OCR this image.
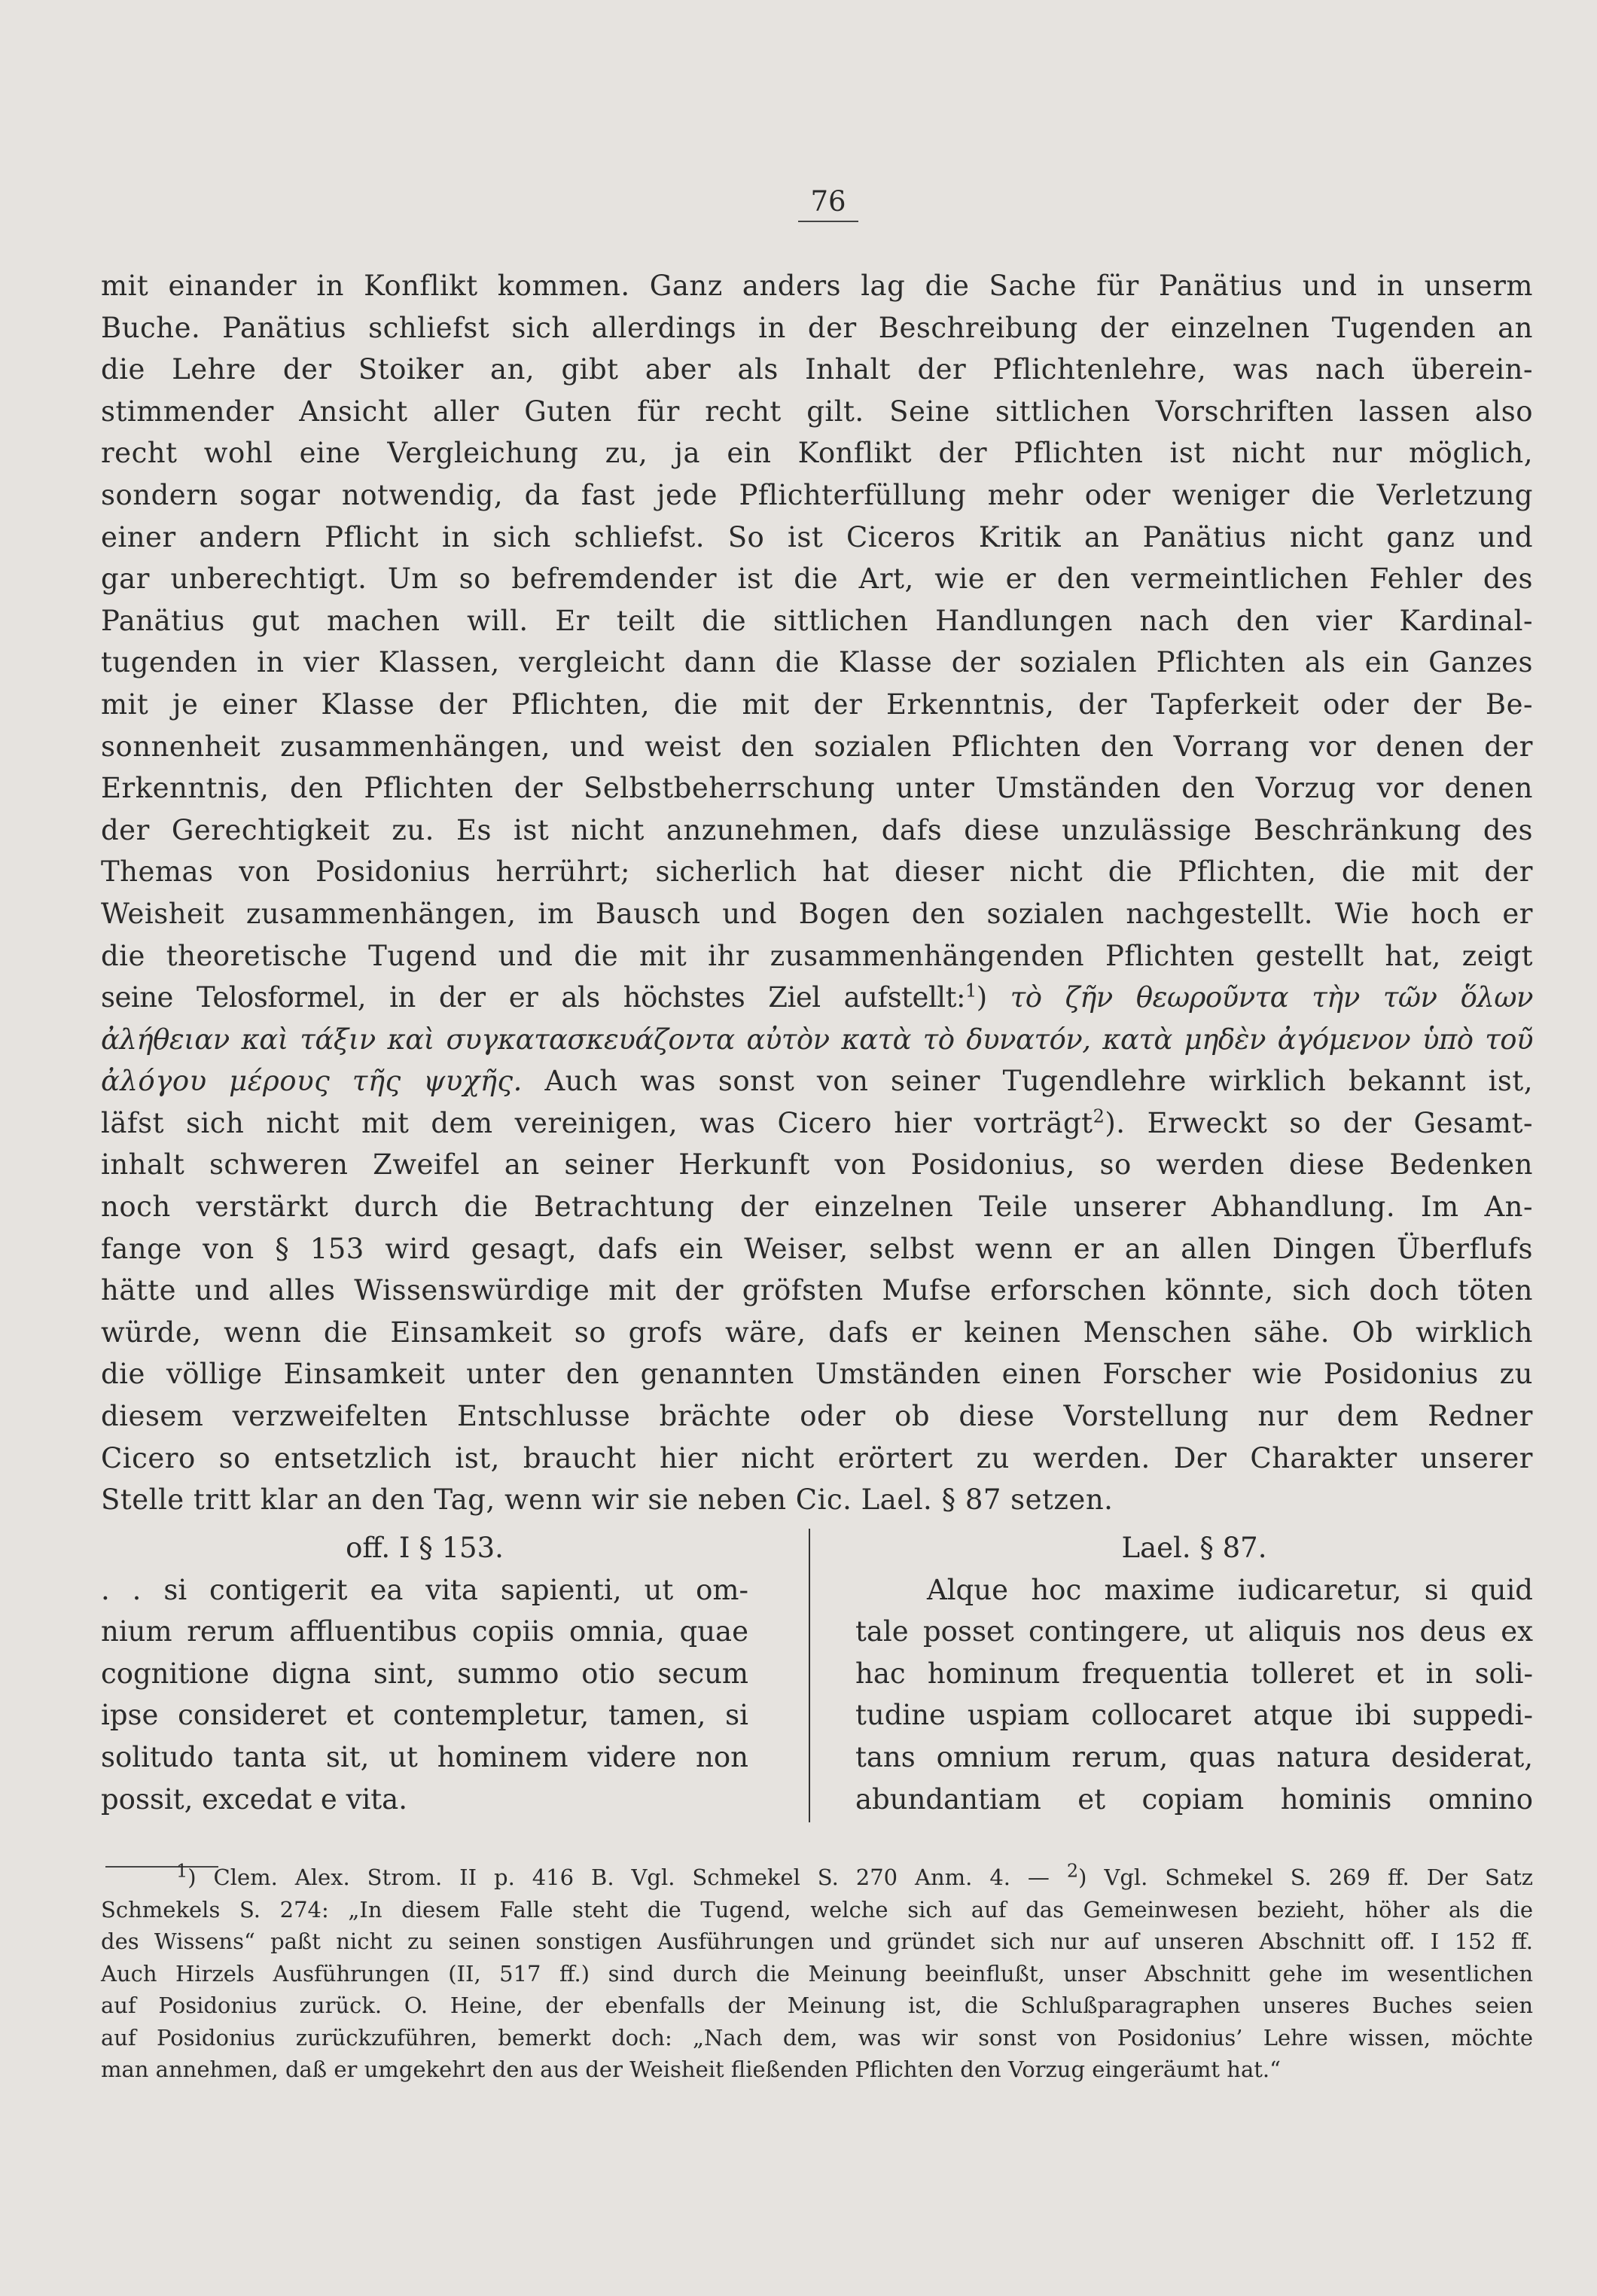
76
mit einander in Konflikt kommen. Ganz anders lag die Sache für Panätius und in unserm
Buche. Panätius schliefst sich allerdings in der Beschreibung der einzelnen Tugenden an
die Lehre der Stoiker an, gibt aber als Inhalt der Pflichtenlehre, was nach überein-
stimmender Ansicht aller Guten für recht gilt. Seine sittlichen Vorschriften lassen also
recht wohl eine Vergleichung zu, ja ein Konflikt der Pflichten ist nicht nur möglich,
sondern sogar notwendig, da fast jede Pflichterfüllung mehr oder weniger die Verletzung
einer andern Pflicht in sich schliefst. So ist Ciceros Kritik an Panätius nicht ganz und
gar unberechtigt. Um so befremdender ist die Art, wie er den vermeintlichen Fehler des
Panätius gut machen will. Er teilt die sittlichen Handlungen nach den vier Kardinal-
tugenden in vier Klassen, vergleicht dann die Klasse der sozialen Pflichten als ein Ganzes
mit je einer Klasse der Pflichten, die mit der Erkenntnis, der Tapferkeit oder der Be-
sonnenheit zusammenhängen, und weist den sozialen Pflichten den Vorrang vor denen der
Erkenntnis, den Pflichten der Selbstbeherrschung unter Umständen den Vorzug vor denen
der Gerechtigkeit zu. Es ist nicht anzunehmen, dafs diese unzulässige Beschränkung des
Themas von Posidonius herrührt; sicherlich hat dieser nicht die Pflichten, die mit der
Weisheit zusammenhängen, im Bausch und Bogen den sozialen nachgestellt. Wie hoch er
die theoretische Tugend und die mit ihr zusammenhängenden Pflichten gestellt hat, zeigt
seine Telosformel, in der er als höchstes Ziel aufstellt:$^1$) τὸ ζῆν θεωροῦντα τὴν τῶν ὅλων
ἀλήθειαν καὶ τάξιν καὶ συγκατασκευάζοντα αὐτὸν κατὰ τὸ δυνατόν, κατὰ μηδὲν ἀγόμενον ὑπὸ τοῦ
ἀλόγου μέρους τῆς ψυχῆς. Auch was sonst von seiner Tugendlehre wirklich bekannt ist,
läfst sich nicht mit dem vereinigen, was Cicero hier vorträgt$^2$). Erweckt so der Gesamt-
inhalt schweren Zweifel an seiner Herkunft von Posidonius, so werden diese Bedenken
noch verstärkt durch die Betrachtung der einzelnen Teile unserer Abhandlung. Im An-
fange von § 153 wird gesagt, dafs ein Weiser, selbst wenn er an allen Dingen Überflufs
hätte und alles Wissenswürdige mit der gröfsten Mufse erforschen könnte, sich doch töten
würde, wenn die Einsamkeit so grofs wäre, dafs er keinen Menschen sähe. Ob wirklich
die völlige Einsamkeit unter den genannten Umständen einen Forscher wie Posidonius zu
diesem verzweifelten Entschlusse brächte oder ob diese Vorstellung nur dem Redner
Cicero so entsetzlich ist, braucht hier nicht erörtert zu werden. Der Charakter unserer
Stelle tritt klar an den Tag, wenn wir sie neben Cic. Lael. § 87 setzen.
off. I § 153.
. . si contigerit ea vita sapienti, ut om-
nium rerum affluentibus copiis omnia, quae
cognitione digna sint, summo otio secum
ipse consideret et contempletur, tamen, si
solitudo tanta sit, ut hominem videre non
possit, excedat e vita.
Lael. § 87.
Alque hoc maxime iudicaretur, si quid
tale posset contingere, ut aliquis nos deus ex
hac hominum frequentia tolleret et in soli-
tudine uspiam collocaret atque ibi suppedi-
tans omnium rerum, quas natura desiderat,
abundantiam et copiam hominis omnino
$^1$) Clem. Alex. Strom. II p. 416 B. Vgl. Schmekel S. 270 Anm. 4. — $^2$) Vgl. Schmekel S. 269 ff. Der Satz
Schmekels S. 274: „In diesem Falle steht die Tugend, welche sich auf das Gemeinwesen bezieht, höher als die
des Wissens“ paßt nicht zu seinen sonstigen Ausführungen und gründet sich nur auf unseren Abschnitt off. I 152 ff.
Auch Hirzels Ausführungen (II, 517 ff.) sind durch die Meinung beeinflußt, unser Abschnitt gehe im wesentlichen
auf Posidonius zurück. O. Heine, der ebenfalls der Meinung ist, die Schlußparagraphen unseres Buches seien
auf Posidonius zurückzuführen, bemerkt doch: „Nach dem, was wir sonst von Posidonius’ Lehre wissen, möchte
man annehmen, daß er umgekehrt den aus der Weisheit fließenden Pflichten den Vorzug eingeräumt hat.“
